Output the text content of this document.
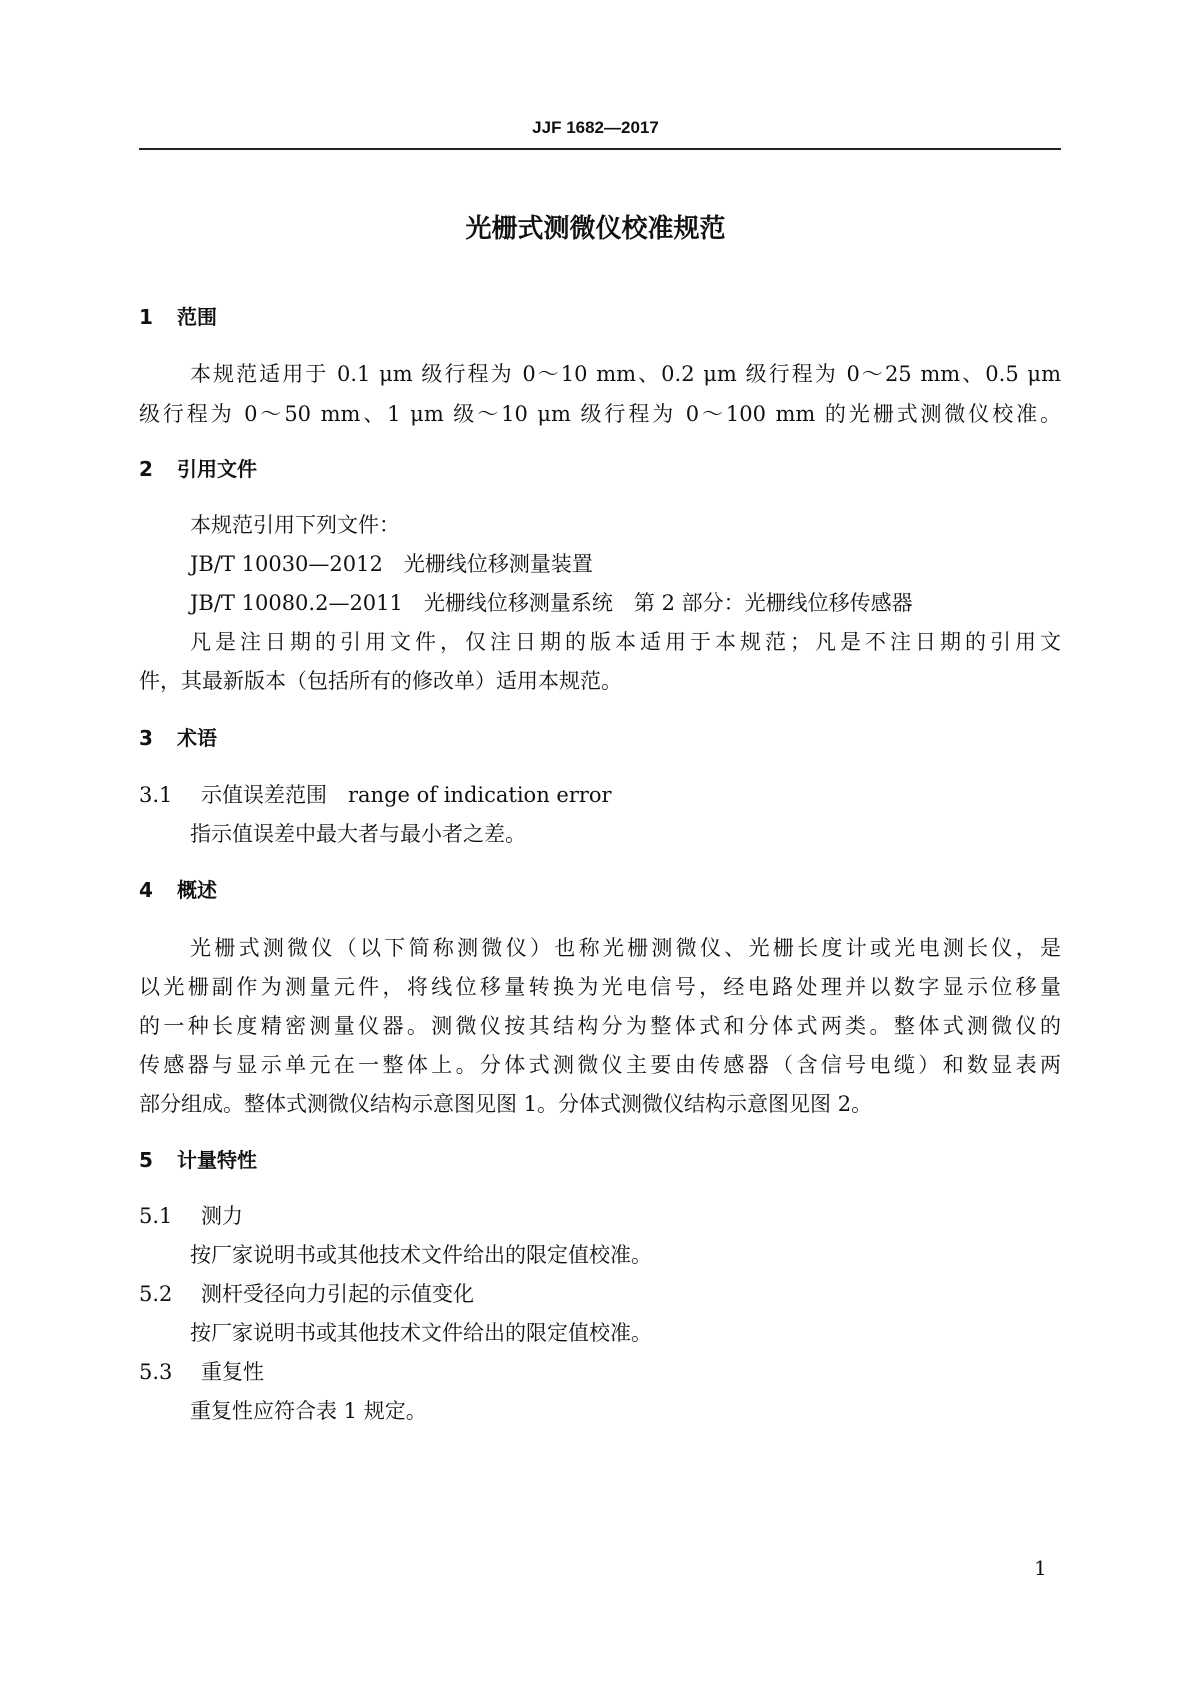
JJF 1682—2017
光栅式测微仪校准规范
1 范围
本规范适用于 0.1 μm 级行程为 0～10 mm、0.2 μm 级行程为 0～25 mm、0.5 μm
级行程为 0～50 mm、1 μm 级～10 μm 级行程为 0～100 mm 的光栅式测微仪校准。
2 引用文件
本规范引用下列文件：
JB/T 10030—2012　光栅线位移测量装置
JB/T 10080.2—2011　光栅线位移测量系统　第 2 部分：光栅线位移传感器
凡是注日期的引用文件，仅注日期的版本适用于本规范；凡是不注日期的引用文
件，其最新版本（包括所有的修改单）适用本规范。
3 术语
3.1 示值误差范围　range of indication error
指示值误差中最大者与最小者之差。
4 概述
光栅式测微仪（以下简称测微仪）也称光栅测微仪、光栅长度计或光电测长仪，是
以光栅副作为测量元件，将线位移量转换为光电信号，经电路处理并以数字显示位移量
的一种长度精密测量仪器。测微仪按其结构分为整体式和分体式两类。整体式测微仪的
传感器与显示单元在一整体上。分体式测微仪主要由传感器（含信号电缆）和数显表两
部分组成。整体式测微仪结构示意图见图 1。分体式测微仪结构示意图见图 2。
5 计量特性
5.1 测力
按厂家说明书或其他技术文件给出的限定值校准。
5.2 测杆受径向力引起的示值变化
按厂家说明书或其他技术文件给出的限定值校准。
5.3 重复性
重复性应符合表 1 规定。
1
